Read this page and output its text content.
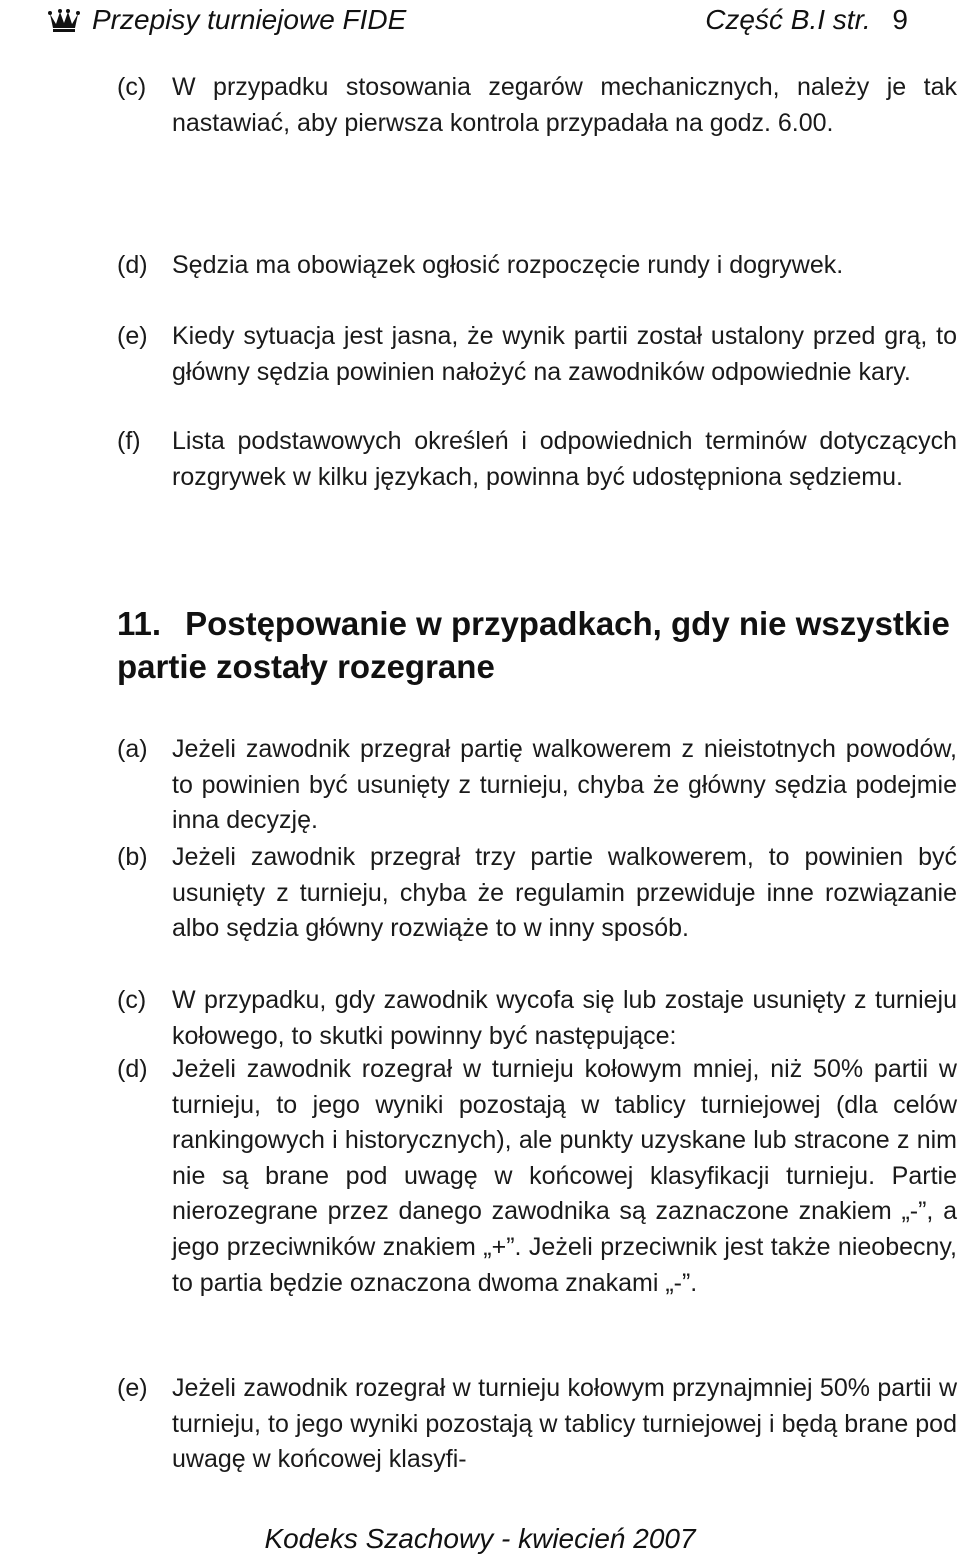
Przepisy turniejowe FIDE	Część B.I str. 9
(c)	W przypadku stosowania zegarów mechanicznych, należy je tak nastawiać, aby pierwsza kontrola przypadała na godz. 6.00.
(d) Sędzia ma obowiązek ogłosić rozpoczęcie rundy i dogrywek.
(e) Kiedy sytuacja jest jasna, że wynik partii został ustalony przed grą, to główny sędzia powinien nałożyć na zawodników odpowiednie kary.
(f)	Lista podstawowych określeń i odpowiednich terminów dotyczących rozgrywek w kilku językach, powinna być udostępniona sędziemu.
11. Postępowanie w przypadkach, gdy nie wszystkie partie zostały rozegrane
(a) Jeżeli zawodnik przegrał partię walkowerem z nieistotnych powodów, to powinien być usunięty z turnieju, chyba że główny sędzia podejmie inna decyzję.
(b) Jeżeli zawodnik przegrał trzy partie walkowerem, to powinien być usunięty z turnieju, chyba że regulamin przewiduje inne rozwiązanie albo sędzia główny rozwiąże to w inny sposób.
(c)	W przypadku, gdy zawodnik wycofa się lub zostaje usunięty z turnieju kołowego, to skutki powinny być następujące:
(d) Jeżeli zawodnik rozegrał w turnieju kołowym mniej, niż 50% partii w turnieju, to jego wyniki pozostają w tablicy turniejowej (dla celów rankingowych i historycznych), ale punkty uzyskane lub stracone z nim nie są brane pod uwagę w końcowej klasyfikacji turnieju. Partie nierozegrane przez danego zawodnika są zaznaczone znakiem „-”, a jego przeciwników znakiem „+”. Jeżeli przeciwnik jest także nieobecny, to partia będzie oznaczona dwoma znakami „-”.
(e) Jeżeli zawodnik rozegrał w turnieju kołowym przynajmniej 50% partii w turnieju, to jego wyniki pozostają w tablicy turniejowej i będą brane pod uwagę w końcowej klasyfi-
Kodeks Szachowy - kwiecień 2007
